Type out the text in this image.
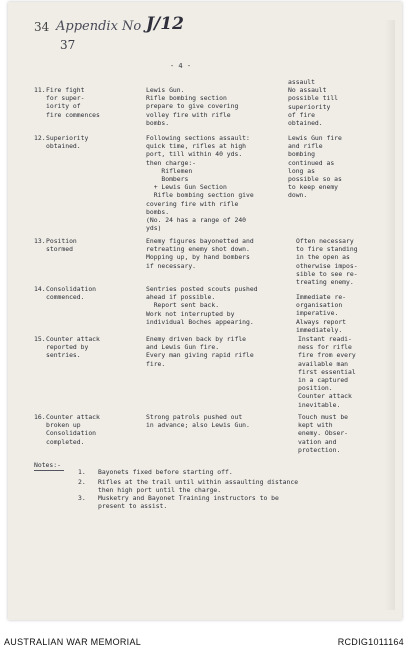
34 Appendix No J/12
37
- 4 -
11. Fire fight
for super-
iority of
fire commences
Lewis Gun.
Rifle bombing section
prepare to give covering
volley fire with rifle
bombs.
assault
No assault
possible till
superiority
of fire
obtained.
12. Superiority
obtained.
Following sections assault:
quick time, rifles at high
port, till within 40 yds.
then charge:-
Riflemen
Bombers
+ Lewis Gun Section
Rifle bombing section give
covering fire with rifle
bombs.
(No. 24 has a range of 240
yds)
Lewis Gun fire
and rifle
bombing
continued as
long as
possible so as
to keep enemy
down.
13. Position
stormed
Enemy figures bayonetted and
retreating enemy shot down.
Mopping up, by hand bombers
if necessary.
Often necessary
to fire standing
in the open as
otherwise impos-
sible to see re-
treating enemy.
14. Consolidation
commenced.
Sentries posted scouts pushed
ahead if possible.
Report sent back.
Work not interrupted by
individual Boches appearing.
Immediate re-
organisation
imperative.
Always report
immediately.
15. Counter attack
reported by
sentries.
Enemy driven back by rifle
and Lewis Gun fire.
Every man giving rapid rifle
fire.
Instant readi-
ness for rifle
fire from every
available man
first essential
in a captured
position.
Counter attack
inevitable.
16. Counter attack
broken up
Consolidation
completed.
Strong patrols pushed out
in advance; also Lewis Gun.
Touch must be
kept with
enemy. Obser-
vation and
protection.
Notes:-
1. Bayonets fixed before starting off.
2. Rifles at the trail until within assaulting distance
then high port until the charge.
3. Musketry and Bayonet Training instructors to be
present to assist.
AUSTRALIAN WAR MEMORIAL	RCDIG1011164
